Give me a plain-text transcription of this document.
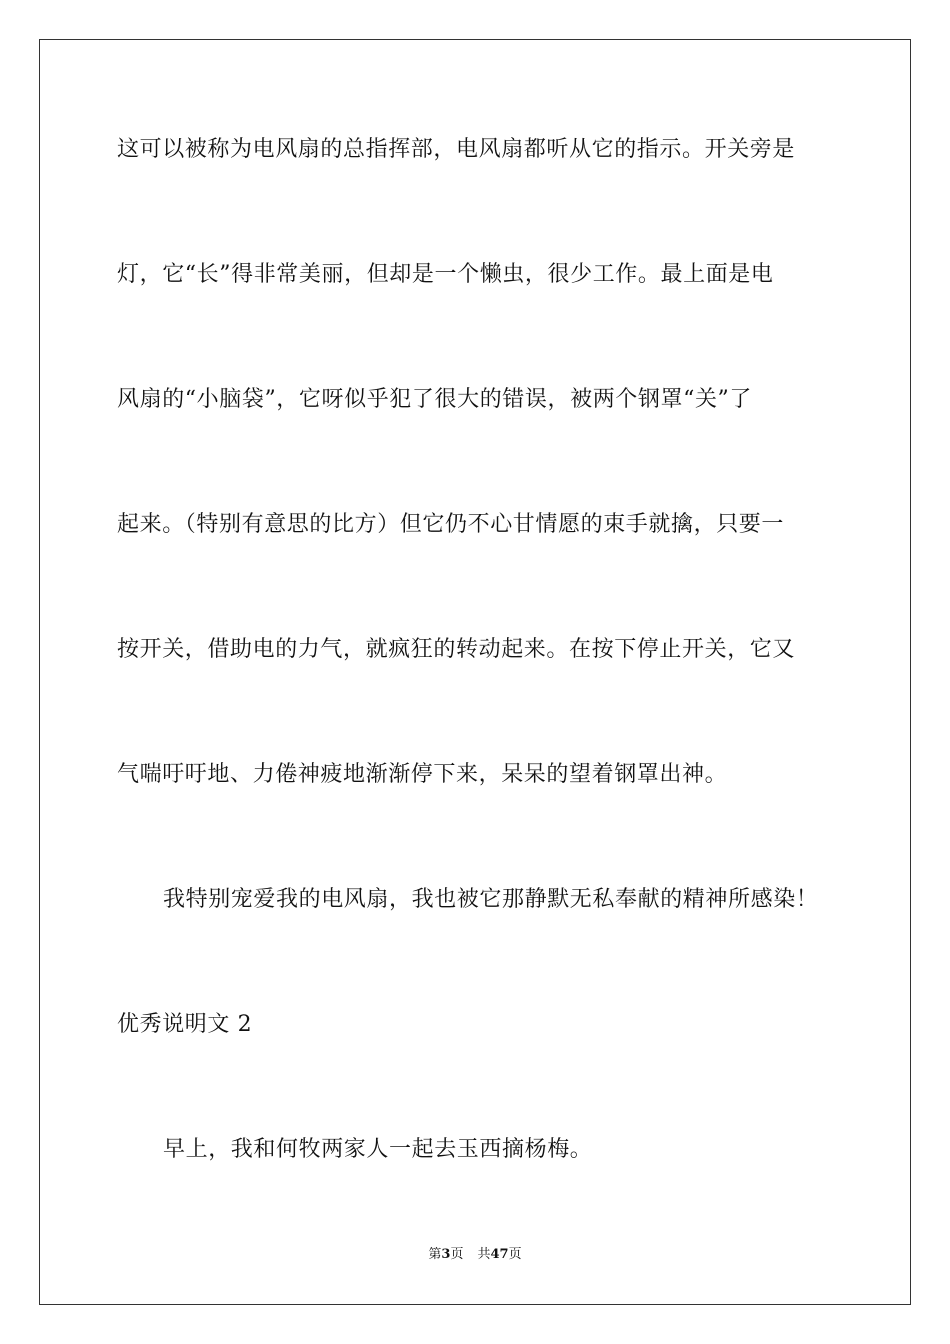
这可以被称为电风扇的总指挥部，电风扇都听从它的指示。开关旁是
灯，它“长”得非常美丽，但却是一个懒虫，很少工作。最上面是电
风扇的“小脑袋”，它呀似乎犯了很大的错误，被两个钢罩“关”了
起来。（特别有意思的比方）但它仍不心甘情愿的束手就擒，只要一
按开关，借助电的力气，就疯狂的转动起来。在按下停止开关，它又
气喘吁吁地、力倦神疲地渐渐停下来，呆呆的望着钢罩出神。
我特别宠爱我的电风扇，我也被它那静默无私奉献的精神所感染！
优秀说明文 2
早上，我和何牧两家人一起去玉西摘杨梅。
第3页 共47页
